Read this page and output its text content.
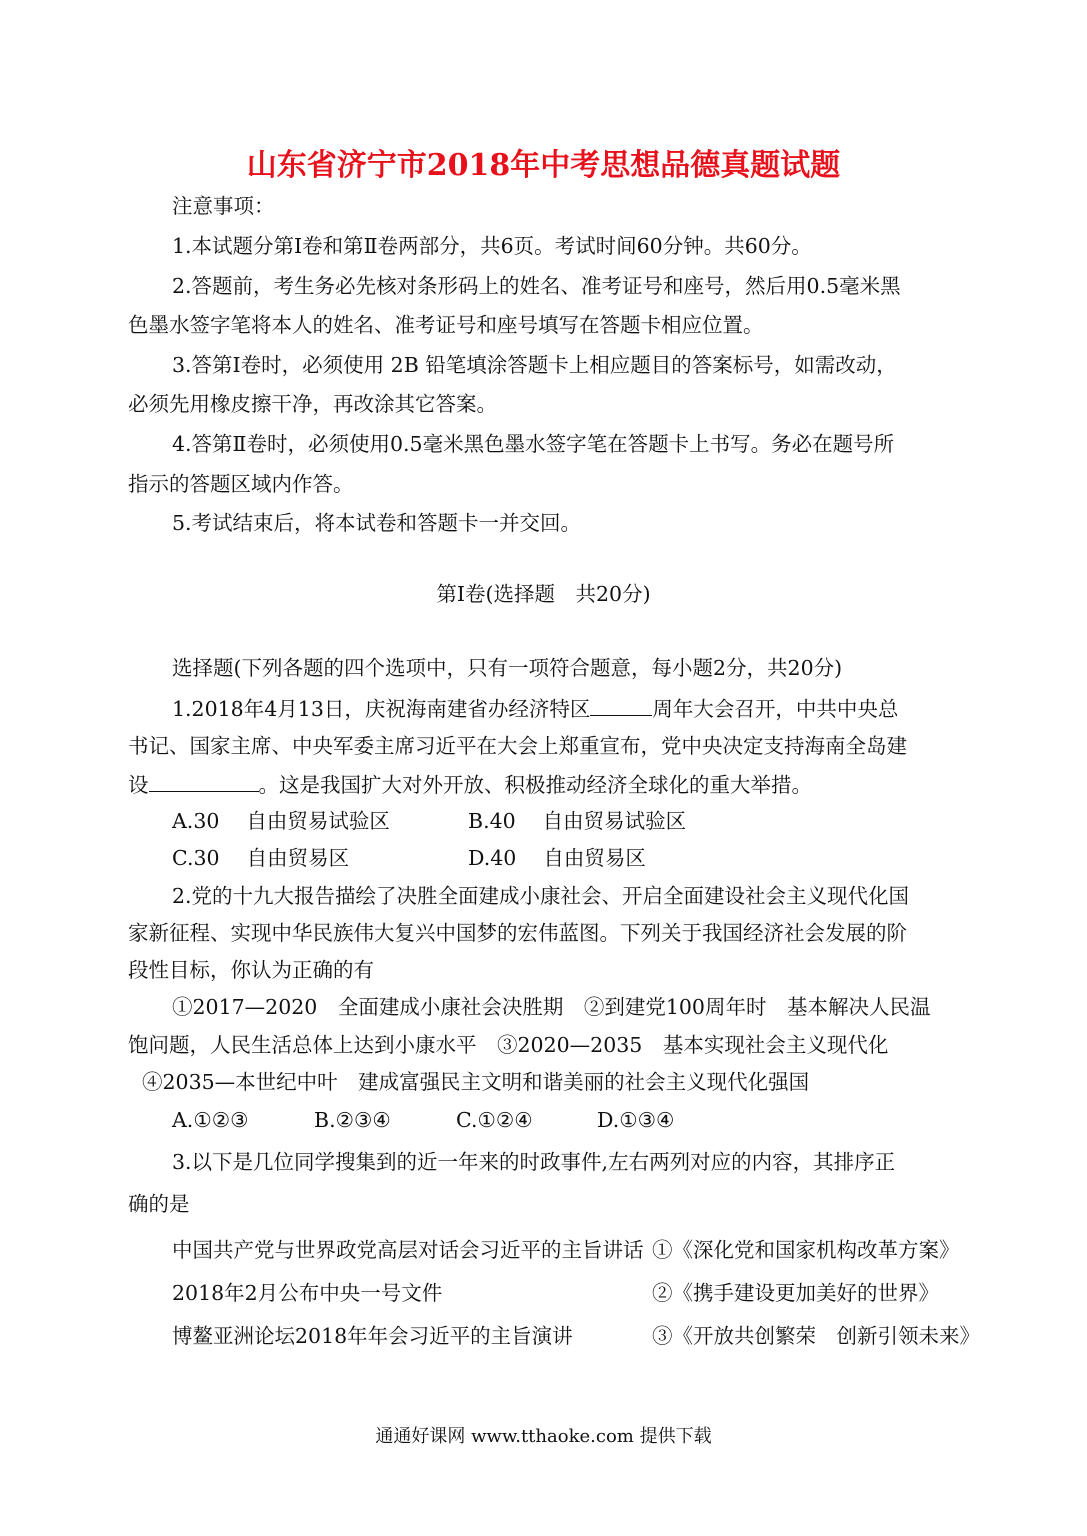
山东省济宁市2018年中考思想品德真题试题
注意事项：
1.本试题分第Ⅰ卷和第Ⅱ卷两部分，共6页。考试时间60分钟。共60分。
2.答题前，考生务必先核对条形码上的姓名、准考证号和座号，然后用0.5毫米黑
色墨水签字笔将本人的姓名、准考证号和座号填写在答题卡相应位置。
3.答第Ⅰ卷时，必须使用 2B 铅笔填涂答题卡上相应题目的答案标号，如需改动，
必须先用橡皮擦干净，再改涂其它答案。
4.答第Ⅱ卷时，必须使用0.5毫米黑色墨水签字笔在答题卡上书写。务必在题号所
指示的答题区域内作答。
5.考试结束后，将本试卷和答题卡一并交回。
第Ⅰ卷(选择题　共20分)
选择题(下列各题的四个选项中，只有一项符合题意，每小题2分，共20分)
1.2018年4月13日，庆祝海南建省办经济特区	周年大会召开，中共中央总
书记、国家主席、中央军委主席习近平在大会上郑重宣布，党中央决定支持海南全岛建
设	。这是我国扩大对外开放、积极推动经济全球化的重大举措。
A.30　 自由贸易试验区	B.40　 自由贸易试验区
C.30　 自由贸易区	D.40　 自由贸易区
2.党的十九大报告描绘了决胜全面建成小康社会、开启全面建设社会主义现代化国
家新征程、实现中华民族伟大复兴中国梦的宏伟蓝图。下列关于我国经济社会发展的阶
段性目标，你认为正确的有
①2017—2020　全面建成小康社会决胜期　②到建党100周年时　基本解决人民温
饱问题，人民生活总体上达到小康水平　③2020—2035　基本实现社会主义现代化
④2035—本世纪中叶　建成富强民主文明和谐美丽的社会主义现代化强国
A.①②③	B.②③④	C.①②④	D.①③④
3.以下是几位同学搜集到的近一年来的时政事件,左右两列对应的内容，其排序正
确的是
中国共产党与世界政党高层对话会习近平的主旨讲话 ①《深化党和国家机构改革方案》
2018年2月公布中央一号文件	②《携手建设更加美好的世界》
博鳌亚洲论坛2018年年会习近平的主旨演讲	③《开放共创繁荣　创新引领未来》
通通好课网 www.tthaoke.com 提供下载
